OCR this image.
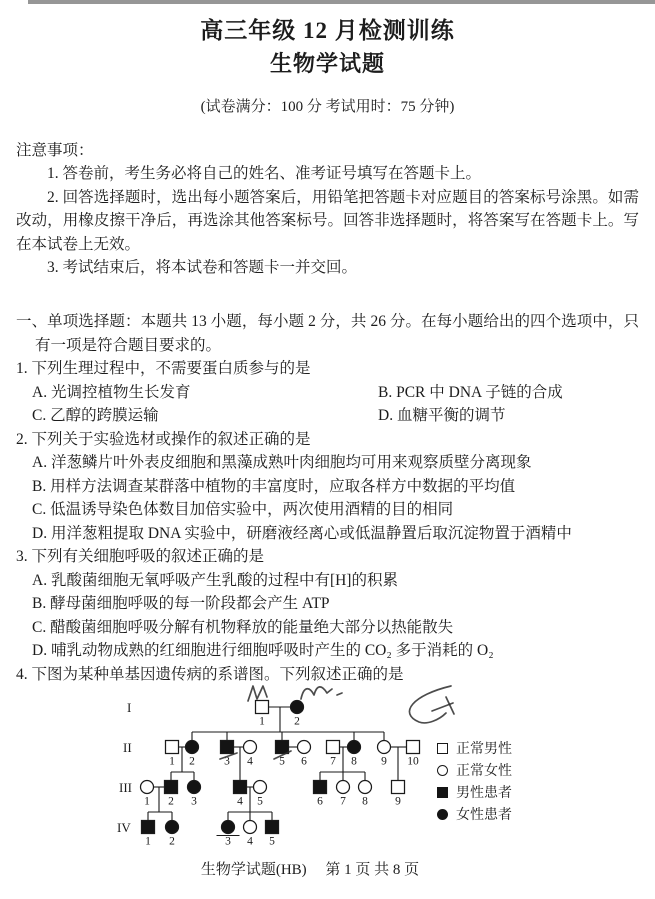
高三年级 12 月检测训练
生物学试题

(试卷满分：100 分 考试用时：75 分钟)

注意事项：

1. 答卷前，考生务必将自己的姓名、准考证号填写在答题卡上。

2. 回答选择题时，选出每小题答案后，用铅笔把答题卡对应题目的答案标号涂黑。如需改动，用橡皮擦干净后，再选涂其他答案标号。回答非选择题时，将答案写在答题卡上。写在本试卷上无效。

3. 考试结束后，将本试卷和答题卡一并交回。

一、单项选择题：本题共 13 小题，每小题 2 分，共 26 分。在每小题给出的四个选项中，只有一项是符合题目要求的。

1. 下列生理过程中，不需要蛋白质参与的是

A. 光调控植物生长发育	B. PCR 中 DNA 子链的合成

C. 乙醇的跨膜运输	D. 血糖平衡的调节

2. 下列关于实验选材或操作的叙述正确的是

A. 洋葱鳞片叶外表皮细胞和黑藻成熟叶肉细胞均可用来观察质壁分离现象

B. 用样方法调查某群落中植物的丰富度时，应取各样方中数据的平均值

C. 低温诱导染色体数目加倍实验中，两次使用酒精的目的相同

D. 用洋葱粗提取 DNA 实验中，研磨液经离心或低温静置后取沉淀物置于酒精中

3. 下列有关细胞呼吸的叙述正确的是

A. 乳酸菌细胞无氧呼吸产生乳酸的过程中有[H]的积累

B. 酵母菌细胞呼吸的每一阶段都会产生 ATP

C. 醋酸菌细胞呼吸分解有机物释放的能量绝大部分以热能散失

D. 哺乳动物成熟的红细胞进行细胞呼吸时产生的 CO₂ 多于消耗的 O₂

4. 下图为某种单基因遗传病的系谱图。下列叙述正确的是

I
II
III
IV
1	2
1 2	3 4 5 6 7 8 9 10
1 2 3	4 5	6 7 8 9
1 2	3 4 5
正常男性
正常女性
男性患者
女性患者

生物学试题(HB)　 第 1 页 共 8 页
